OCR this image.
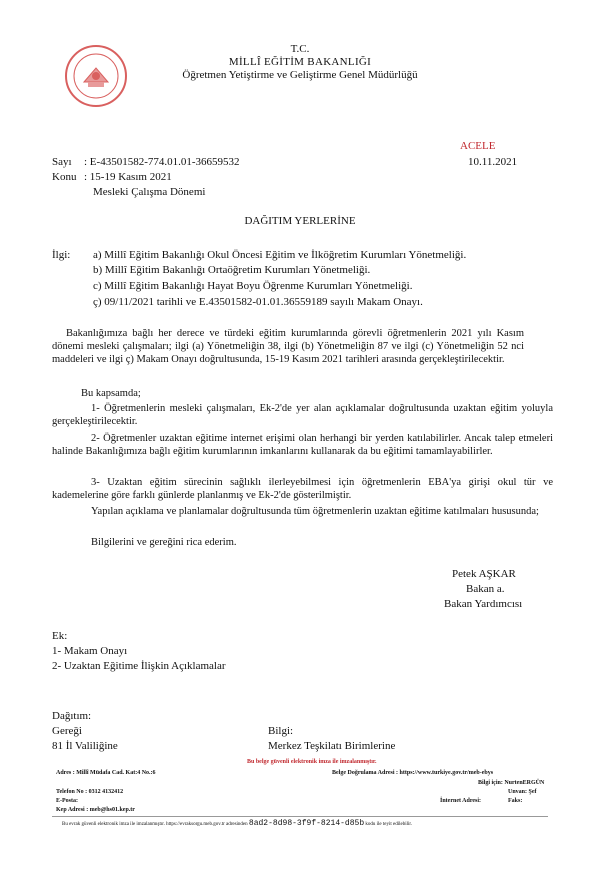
T.C.
MİLLÎ EĞİTİM BAKANLIĞI
Öğretmen Yetiştirme ve Geliştirme Genel Müdürlüğü
ACELE
Sayı : E-43501582-774.01.01-36659532	10.11.2021
Konu : 15-19 Kasım 2021
Mesleki Çalışma Dönemi
DAĞITIM YERLERİNE
İlgi: a) Millî Eğitim Bakanlığı Okul Öncesi Eğitim ve İlköğretim Kurumları Yönetmeliği.
b) Millî Eğitim Bakanlığı Ortaöğretim Kurumları Yönetmeliği.
c) Millî Eğitim Bakanlığı Hayat Boyu Öğrenme Kurumları Yönetmeliği.
ç) 09/11/2021 tarihli ve E.43501582-01.01.36559189 sayılı Makam Onayı.
Bakanlığımıza bağlı her derece ve türdeki eğitim kurumlarında görevli öğretmenlerin 2021 yılı Kasım dönemi mesleki çalışmaları; ilgi (a) Yönetmeliğin 38, ilgi (b) Yönetmeliğin 87 ve ilgi (c) Yönetmeliğin 52 nci maddeleri ve ilgi ç) Makam Onayı doğrultusunda, 15-19 Kasım 2021 tarihleri arasında gerçekleştirilecektir.
Bu kapsamda;
1- Öğretmenlerin mesleki çalışmaları, Ek-2'de yer alan açıklamalar doğrultusunda uzaktan eğitim yoluyla gerçekleştirilecektir.
2- Öğretmenler uzaktan eğitime internet erişimi olan herhangi bir yerden katılabilirler. Ancak talep etmeleri halinde Bakanlığımıza bağlı eğitim kurumlarının imkanlarını kullanarak da bu eğitimi tamamlayabilirler.
3- Uzaktan eğitim sürecinin sağlıklı ilerleyebilmesi için öğretmenlerin EBA'ya girişi okul tür ve kademelerine göre farklı günlerde planlanmış ve Ek-2'de gösterilmiştir.
Yapılan açıklama ve planlamalar doğrultusunda tüm öğretmenlerin uzaktan eğitime katılmaları hususunda;
Bilgilerini ve gereğini rica ederim.
Petek AŞKAR
Bakan a.
Bakan Yardımcısı
Ek:
1- Makam Onayı
2- Uzaktan Eğitime İlişkin Açıklamalar
Dağıtım:
Gereği
81 İl Valiliğine
Bilgi:
Merkez Teşkilatı Birimlerine
Bu belge güvenli elektronik imza ile imzalanmıştır.
Adres : Millî Müdafa Cad. Kat:4 No.:6	Belge Doğrulama Adresi : https://www.turkiye.gov.tr/meb-ebys
Bilgi için: NurtenERGÜN
Telefon No : 0312 4132412	Unvan: Şef
E-Posta:	İnternet Adresi:	Faks:
Kep Adresi : meb@hs01.kep.tr
Bu evrak güvenli elektronik imza ile imzalanmıştır. https://evraksorgu.meb.gov.tr adresinden 8ad2-8d98-3f9f-8214-d85b kodu ile teyit edilebilir.
